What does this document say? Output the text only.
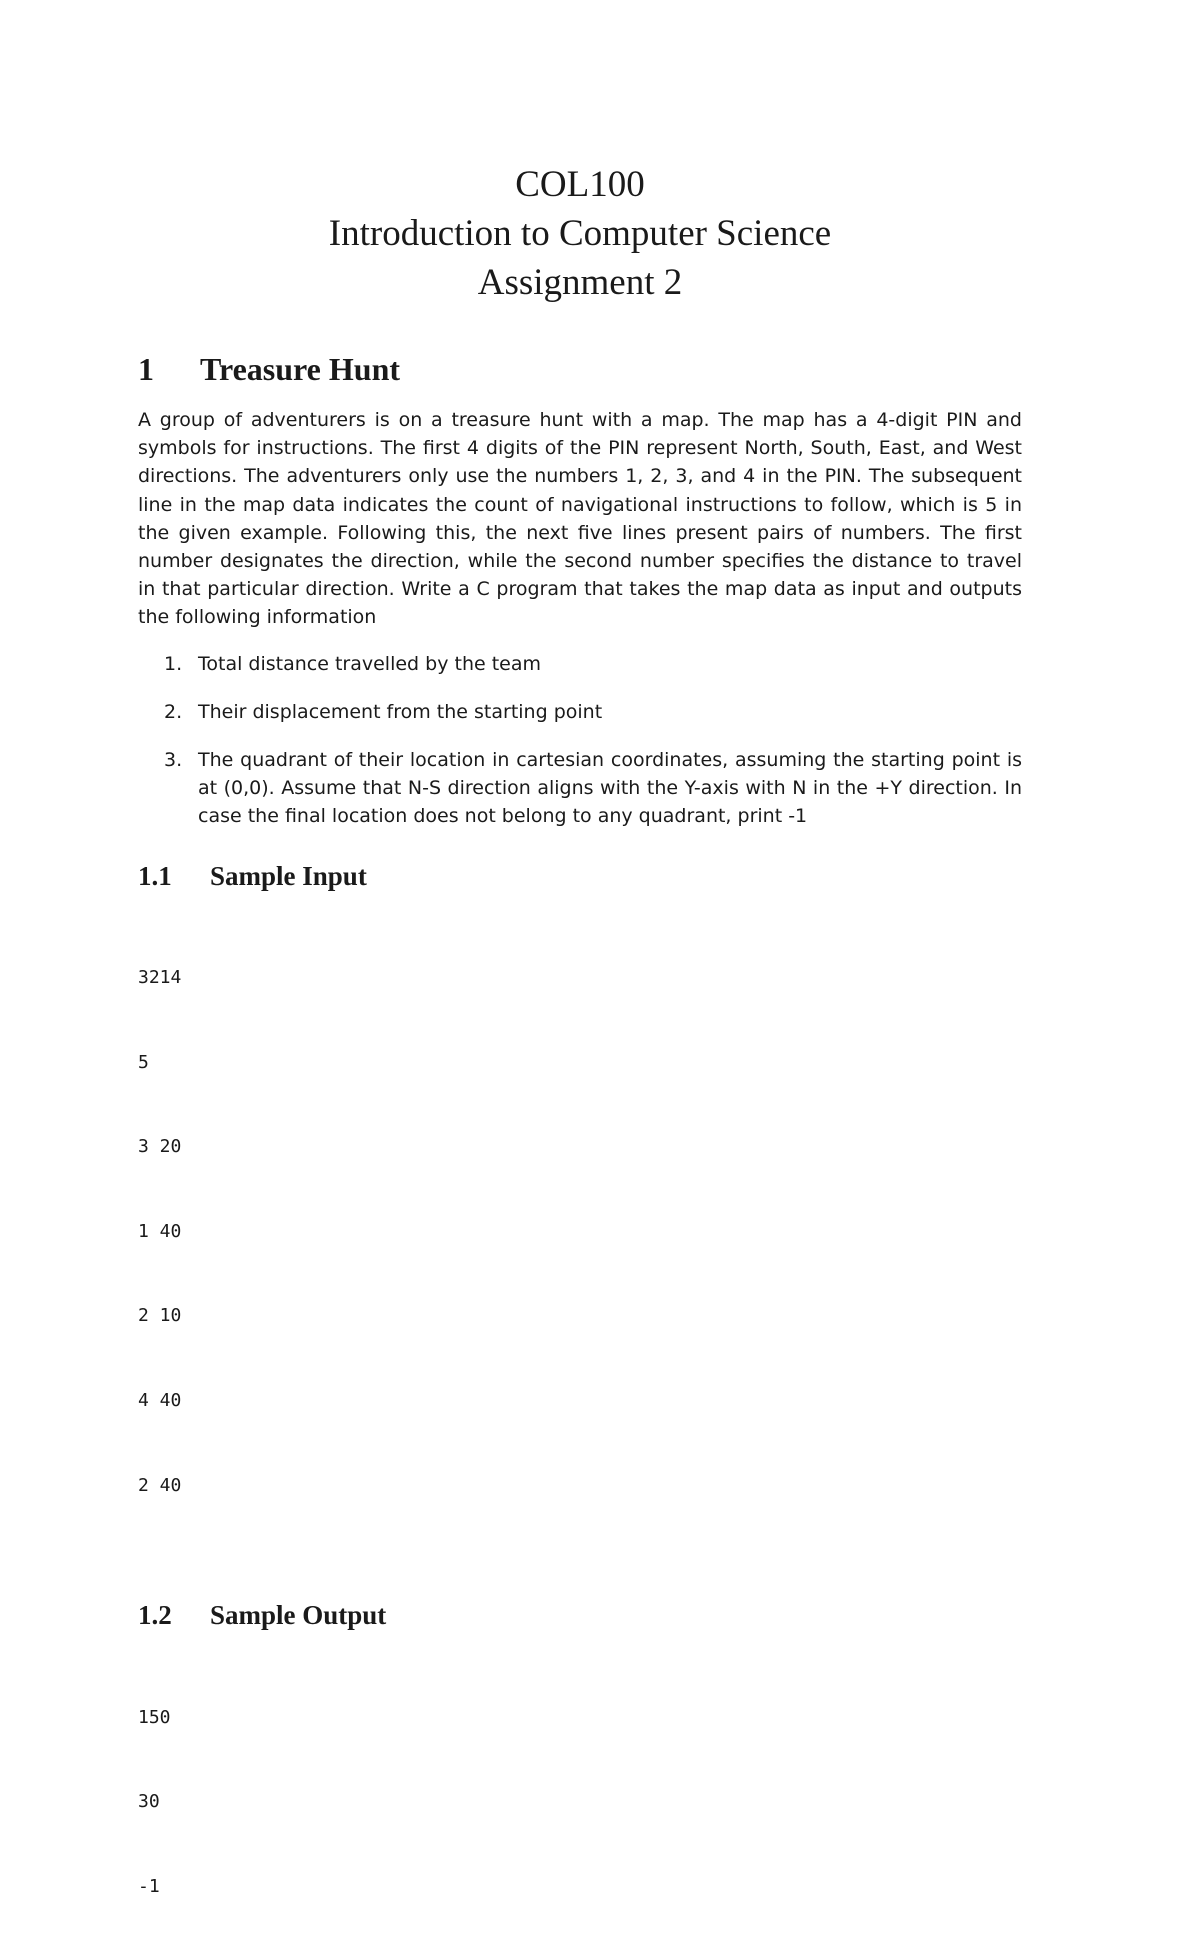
COL100
Introduction to Computer Science
Assignment 2
1	Treasure Hunt

A group of adventurers is on a treasure hunt with a map. The map has a 4-digit PIN and symbols for instructions. The first 4 digits of the PIN represent North, South, East, and West directions. The adventurers only use the numbers 1, 2, 3, and 4 in the PIN. The subsequent line in the map data indicates the count of navigational instructions to follow, which is 5 in the given example. Following this, the next five lines present pairs of numbers. The first number designates the direction, while the second number specifies the distance to travel in that particular direction. Write a C program that takes the map data as input and outputs the following information

1. Total distance travelled by the team
2. Their displacement from the starting point
3. The quadrant of their location in cartesian coordinates, assuming the starting point is at (0,0). Assume that N-S direction aligns with the Y-axis with N in the +Y direction. In case the final location does not belong to any quadrant, print -1
1.1	Sample Input

3214

5

3 20

1 40

2 10

4 40

2 40

1.2	Sample Output

150

30

-1
